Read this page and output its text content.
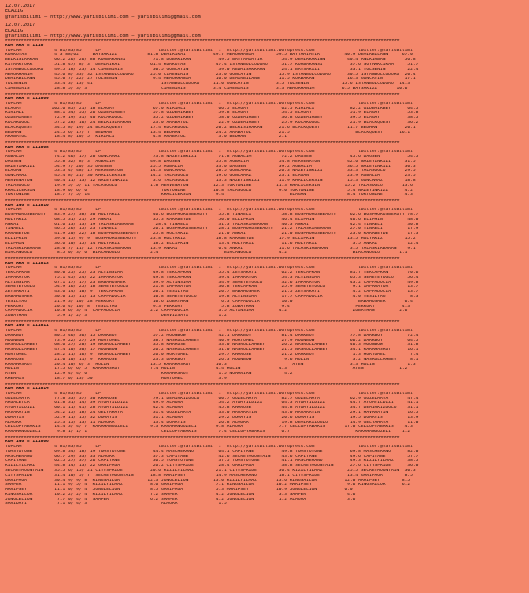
12.07.2017
ELAZIG
@YarisBilimi — http://www.yarisbilimi.com — yarisbilimi@gmail.com
12.07.2017
ELAZIG
@YarisBilimi — http://www.yarisbilimi.com — yarisbilimi@gmail.com
####################################################################################################################################################
KUM ARA = 1110
TOPLAM            4 81/83/85     LP                     twitter:@YarisBilimi  :  http://yarisbilimi.wordpress.com                twitter:@YarisBilimi
KORKUTAS          4 3 88/62     BAYSAKIZI           81.8 DEMIRIKA1          49.7 MEMURHANIM        59.5 BAYTAMIMTIR         40.9 DEMIRBILANN     67.0
BELKISIRAKAN      66.2 26/ 26/ 88 KORBAKANSI          71.8 DUBAKIRAN          49.5 BAYTAMIMTIR       54.9 DEMIRKAKINN        40.4 ANLKIRBAN       56.8
KITRAKTURK        51.8 47/ 8/ 3  DEMIRIKA1           61.4 KORKUTAS           47.4 ISTANBULCUDURU     51.7 KORBAKANSI          37.6 SOYMAKCIKAM     51.7
ISTANBULCUDURU    49.5 18/ 23/ 14 CIMENIRIS           30.5 GONCAYIN           39.0 REDMISAKKARN      24.1 BAYSAKIZI           33.1 TOLSENIN        22.4
MEMURHANIM        45.6 8/ 33/ 32 ISTANBULCUDURU      25.0 CIMENIRIS          23.0 GONCAYIN          15.9 ISTANBULCUDURU      30.5 ISTANBULCUDURU  20.4
DEMIRBILANN       45.0 7/ 22/ 27 TOLSENIN             9.4 MEMURHANIM         16.0 DEMIRBILANN       11.5 KORBAKAN            16.3 GONCAYIN        17.1
TOLSENIN          33.4 3/ 13/ 41                         ISTANBULCUDURU     11.0 GONCAYIN          3.5 TOLSENIN            15.6 ISTANBULCUDURU  14.3
CIMENIRIS         28.8 5/ 3/ 3                           CIMENIRIS          3.4 CIMENIRIS          3.3 MEMURHANIM          6.5 BAYSAKIZI       10.6
####################################################################################################################################################
KUM ARA = 111009
TOPLAM            4 81/83/85     LP                     twitter:@YarisBilimi  :  http://yarisbilimi.wordpress.com                twitter:@YarisBilimi
ELAGAY           102.6 85/ 21/ 18 ELAGAY              67.0 KIRIMLI            66.5 ELAGAY            62.5 KIRIMLI             82.2 OZDEMIRBEY      64.5
KIRIMLI           88.1 34/ 55/ 26 OZDEMIRBEY          57.8 OZDEMIRBEY         59.8 ELAGAY            54.5 ELAGAY              51.9 ELAGAY          53.8
OZDEMIRBEY        72.9 19/ 31/ 40 KOCAKOGUL           35.2 OZDEMIRBEY         58.0 OZDEMIRBEY        36.8 OZDEMIRBEY          39.5 ELAGAY          38.5
KOCAKOGUL         57.2 28/ 16/ 24 BELKISIRAKAN        23.0 ARABATUL           22.9 OZDEMIRBEY        25.9 KOCAKOGUL           21.9 BLACKQUEST      36.2
BLACKQUEST        34.5 8/ 19/ 24 BLACKQUEST          17.4 KOCAKOGUL          20.2 BELKISIRAKAN      21.6 BLACKQUEST          11.7 BEDHAN          20.1
BEDHAN            24.5 6/ 17/ 7  BEDHAN              13.4 BEDHAN             24.2 ARABATUL          21.5                        BLACKQUEST      16.1
ARABATUL          18.4 8/ 10/ 5  KIRIMLI              4.8 ARABATUL            3.0 BEDHAN            2.1
####################################################################################################################################################
KUM ARA = 111008
TOPLAM            4 81/83/85     LP                     twitter:@YarisBilimi  :  http://yarisbilimi.wordpress.com                twitter:@YarisBilimi
AGBALIM           74.2 46/ 17/ 20 GONCAMAZ            73.8 NAZEYINKIZI        71.8 AGBALIM           72.2 DAGSEN              45.6 DAGSEN          54.5
DAGSEN            55.8 32/ 8/ 3  AGBALIM             49.8 DAGSEN             55.8 AGBALIM           54.8 MERVENATON          42.6 NAZEYINKIZI     31.5
NAZEYINKIZI       54.9 7/ 20/ 35 DAGSEN              25.5 AGBALIM            33.0 DAGSEN            39.2 AGBALIM             36.5 NAZEYINKIZI     30.3
ELAGAN            53.3 4/ 48/ 17 MERVENATON          14.3 GONCAMAZ           28.5 GONCAMAZ          26.3 NAZEYINKIZI         33.3 TALASOGLU       29.5
GONCAMAZ          45.4 8/ 21/ 30 KHALICEKSIN         14.2 TALASOGLU          19.6 GONCAMAZ          23.1 ELAGAN              23.9 AGBALIM         23.5
MERVENATON        40.4 11/ 13/ 12 NAZEYINKIZI         3.6 TALASOGLU          13.3 NAZEYINKIZI       11.9 KHALICEKSIN         15.3 GONCAMAZ        18.8
TALASOGLU         19.9 5/ 5/ 11 TALASOGLU            1.8 MERVENATON         12.3 TOKTONINE         11.3 KHALICEKSIN         15.2 TALASOGLU       13.6
KHALICEKSIN       18.9 0/ 6/ 6                           TOKTONINE          10.8 TALASOGLU          9.0 TOKTONINE            5.4 NAZEYINKIZI      4.2
TOKTONINE         18.7 7/ 5/ 14                          KHALICEKSIN         9.4                        ELAGAN               8.4 TOKTONINE        4.3
####################################################################################################################################################
KUM ING = 111010
TOPLAM            4 81/83/85     LP                     twitter:@YarisBilimi  :  http://yarisbilimi.wordpress.com                twitter:@YarisBilimi
BOSPHORUSBEAUTY   83.9 27/ 38/ 30 HULYAKIZ            46.6 BOSPHORUSBEAUTY    55.8 TINAELI           58.8 BOSPHORUSBEAUTY     62.6 BOSPHORUSBEAUTY 78.7
HULYAKIZ          68.5 31/ 21/ 29 ANKAI               35.3 KARABEYDE          50.0 ELLIPKIN          46.4 ELIPHIN             46.6 ELIPHIN         48.0
ANKAI             61.6 13/ 13/ 19 TALASKIRBARAN        28.4 TINAELI           31.3 TALASKIRBARAN     40.3 ANKAI               42.4 TINAELI         30.8
TINAELI           46.5 26/ 15/ 23 TINAELI             26.1 BOSPHORUSBEAUTY    28.1 BOSPHORUSBEAUTY   21.2 TALASKIRBARAN       27.0 TINAELI         17.9
KARABEYDE         41.9 20/ 22/ 18 BOSPHORUSBEAUTY     25.8 HULYAKIZ           21.0 ANKAI             21.0 BOSPHORUSBEAUTY     23.0 KARABEYDE       17.3
ELLIPKIN          39.0 15/ 9/ 9  BOSPHORUSBEAUTY     23.8 HULYAKIZ           18.8 KARABEYDE         17.9 ELLIPKIN            13.5 HULYAKIZ        15.2
ELIPHIN           36.6 10/ 15/ 14 HULYAKIZ            18.2 ELLIPKIN           13.4 HULYAKIZ          11.6 HULYAKIZ             3.5 ANKAI           12.4
TALASKIRBARAN     28.0 7/ 11/ 12 TALASKIRBARAN       13.9 ANKAI               6.4 ANKAI             11.6 TALASKIRBARAN        3.5 TALASKIRBARAN    9.1
BIRCANOGLU         8.5 0/ 3/ 6  BIRCANOGLU           2.4                        BIRCANOGLU          4.2                        BIRCANOGLU       1.1
####################################################################################################################################################
KUM ARA = 111013
TOPLAM            4 81/83/85     LP                     twitter:@YarisBilimi  :  http://yarisbilimi.wordpress.com                twitter:@YarisBilimi
TEKCAPKAN         80.0 25/ 25/ 23 ALTINSIMA           49.8 TEKCAPKAN          55.4 ZEYSAKATI         62.2 TEKCAPKAN           81.7 TEKCAPKAN       70.6
IMPARATOR         75.1 45/ 24/ 22 IMPARATOR           49.8 TEKCAPKAN          39.4 IMPARATOR         54.3 ALTINSIMA           65.3 SEMETEYOGLU     56.4
ALTINSIMA         67.1 17/ 17/ 23 BABAHOSMER          39.9 ALTINSIMA          34.9 SEMETEYOGLU       32.6 IMPARATOR           43.2 CAPPADOCIA      49.8
SEMETEYOGLU       54.9 16/ 25/ 18 SEMETEYOGLU         21.8 IMPARATOR          30.8 TEKCAPKAN         25.9 SEMETEYOGLU          9.1 IMPARATOR       13.7
ZEYSAKATI         43.6 14/ 10/ 9  TEKCAPKAN           20.1 YESILYAG           20.7 BABAHOSMER        21.5 ZEYSAKATI            4.2 CAPPADOCIA      13.7
BABAHOSMER        30.0 15/ 11/ 13 CAPPADOCIA          10.8 SEMETEYOGLU        19.8 ALTINSIMA         17.7 CAPPADOCIA           4.0 YESILYAG         8.3
YESILYAG          21.9 3/ 10/ 28 PEKKURT              10.6 ZUBATHAN            6.3 CAPPADOCIA        10.0                        BABAHOSMER       6.4
PEKKURT           20.6 4/ 10/ 8  YESILYAG             9.3 PEKKURT              5.8 ZUBATHAN          9.4                        PEKKURT          4.3
CAPPADOCIA        10.8 6/ 3/ 4  CAPPADOCIA           2.2 CAPPADOCIA           3.5 ALTINSIMA         4.2                        ZUBATHAN         2.6
ZUBATHAN           5.9 1/ 2/ 3                           DERVIZSAYI           1.2
####################################################################################################################################################
KUM ING = 111011
TOPLAM            4 81/83/85     LP                     twitter:@YarisBilimi  :  http://yarisbilimi.wordpress.com                twitter:@YarisBilimi
DARKBOY           80.5 46/ 36/ 15 DARKBOY             57.2 MOONBOW            42.1 DARKBOY           81.4 DARKBOY             77.8 DARKBOY         72.4
MOONBOW           73.9 22/ 27/ 29 HURTUMEL            38.7 NASRULLAHBEY       40.9 HURTUMEL          27.9 MOONBOW             66.2 DARKBOY         64.5
NASRULLAHBEY      68.6 27/ 20/ 19 NASRULLAHBEY        35.8 KHAROSE            33.0 NASRULLAHBEY      26.2 NASRULLAHBEY        46.3 MOONBOW         31.8
HASRULLAHBEY      47.4 10/ 30/ 17 MOONBOW             26.2 NASRULLAHBEY       31.0 NASRULLAHBEY      21.5 NASRULLAHBEY        34.1 KARAHASRUT      16.1
HURTUMEL          28.2 11/ 16/ 9  NASRULLAHBEY        26.0 HURTUMEL           29.7 KHAROSE           21.2 DARKBOY              1.3 HURTUMEL         7.4
KHAROSE           21.0 10/ 11/ 9  KHAROSE             23.3 DARKBOY            26.3 MOONBOW            9.6 HULIN                3.2 NASRULLAHBEY     8.1
KARAHASRUT        20.4 10/ 6/ 3  HULIN               13.5 KARAHASRUT         16.3                        ATEN                 3.3 HULIN            1.3
HULIN             17.5 6/ 6/ 5  KARAHASRUT           7.4 HULIN               4.4 HULIN              4.3                        ATEN             1.2
ATEN              12.9 4/ 4/ 6                           KARAHASRUT           1.5 NOMARIAN            4.2
KHEMMIS           18.7 0/ 13/ 50                         HURTUMEL             3.9
####################################################################################################################################################
KUM ARA = 111014
TOPLAM            4 81/83/85     LP                     twitter:@YarisBilimi  :  http://yarisbilimi.wordpress.com                twitter:@YarisBilimi
GUZELMAYA         77.8 33/ 37/ 30 KHAROSE             79.1 DEMIRKIZOGLU       60.7 GUZELMAYA         82.7 GUZELMAYA           62.9 GUZELMAYA       47.4
ARGALETLA         61.8 31/ 14/ 39 AYOMYILDIZI         49.9 ALMURA             54.2 AYOMYILDIZI       64.3 AYOMYILDIZI         44.7 AYOMYILDIZI     41.1
AYOMYILDIZI       60.1 11/ 41/ 28 AYOMYILDIZI         42.4 ALMURA             45.8 KHAROSE           44.8 AYOMYILDIZI         34.7 DEMIRKIZOGLU    31.1
HAVARATIN         54.2 15/ 18/ 24 GELYAHAYA           31.4 GUZELMAYA          33.0 HAVARATIN         43.0 HAVARATIN           29.1 HAVARATIN       16.5
DOMAYIS           52.9 11/ 15/ 32 DOMAYIS             31.1 ALMURA             29.2 DOMAYIS           20.6 DOMAYIS             19.5 DOMAYIS         13.9
ALMURA            25.3 15/ 13/ 11 ALMURA              13.4 DOMAYIS            26.8 ALMURA            19.8 DEMIRKIZOGLU        14.9 GELYAHAYA       11.0
CELLUPYABAKIS     14.4 3/ 4/ 7  KARAHANGUZELI        9.3 KARAHANGUZELI       9.8 ALMURA             7.7 CELLUPYABAKIS       17.0 CELLUPYABAKIS    4.3
KARAHANGUZELI      9.8 1/ 1/ 1                           CELLUPYABAKIS        7.4 CELLUPYABAKIS      6.7                        KARAHANGUZELI    1.2
####################################################################################################################################################
KUM ING = 111006
TOPLAM            4 81/83/85     LP                     twitter:@YarisBilimi  :  http://yarisbilimi.wordpress.com                twitter:@YarisBilimi
TOMSTOTONE        69.8 34/ 18/ 19 TOMSTOTONE          44.4 MASCHERANO         64.1 CAPITANE          49.8 TOMSTOTONE          69.8 MASCHERANO      82.0
MASCHERANO        66.7 29/ 33/ 33 ALMURA              37.3 CAPITANE           42.6 SECRETMOUNTAIN    43.6 CAPITANE            49.6 CAPITANE        57.7
CAPITANE          62.5 27/ 37/ 26 CAPITANE            36.5 TOMSTOTONE         37.5 TOMSTOTONE        41.1 MASCHERANO          49.3 KIZILYILMAZ     38.5
KIZILYILMAZ       44.8 14/ 13/ 22 GARIPAGA            26.2 CITYSPRIDE         28.4 GARIPAGA          38.8 SECRETMOUNTAIN      27.6 CITYSPRIDE      36.0
SECRETMOUNTAIN    35.5 6/ 15/ 21 CITYSPRIDE          20.6 KIZILYILMAZ        21.1 CITYSPRIDE        36.4 KIZILYILMAZ         25.5 SECRETMOUNTAIN  30.3
CITYSPRIDE        31.4 10/ 5/ 7  SECRETMOUNTAIN      18.8 MARIPSEY           14.9 MASCHERANO        18.1 CITYSPRIDE          13.4 GARIPAGA        8.5
GARIPAGA          30.4 9/ 9/ 8  KINGSAILOR          12.3 JUNGLELION         13.0 KIZILYILMAZ       13.6 KINGSAILOR          12.0 MARIPSEY        8.5
SAMPER            11.1 9/ 5/ 4  KIZILYILMAZ          8.6 GARIPAGA            7.1 KINGSAILOR        10.2 MARIPSEY             9.6 KINGSAILOR      6.2
MARIPSEY          11.1 0/ 9/ 4  JUNGLELION           8.5 GARIPAGA            5.3 MARIPSEY          10.9 JUNGLELION          6.0
KINGSAILOR        10.2 2/ 2/ 4  KIZILYILMAZ          7.2 SAMPER              4.2 JUNGLELION         3.3 SAMPER               4.6
JUNGLELION         7.7 0/ 4/ 4  SAMPER               6.2 SAMPER              4.2 JUNGLELION         1.2 ALMURA               3.6
SARIDAYI           7.1 0/ 4/ 3                           ALMURA               1.5
